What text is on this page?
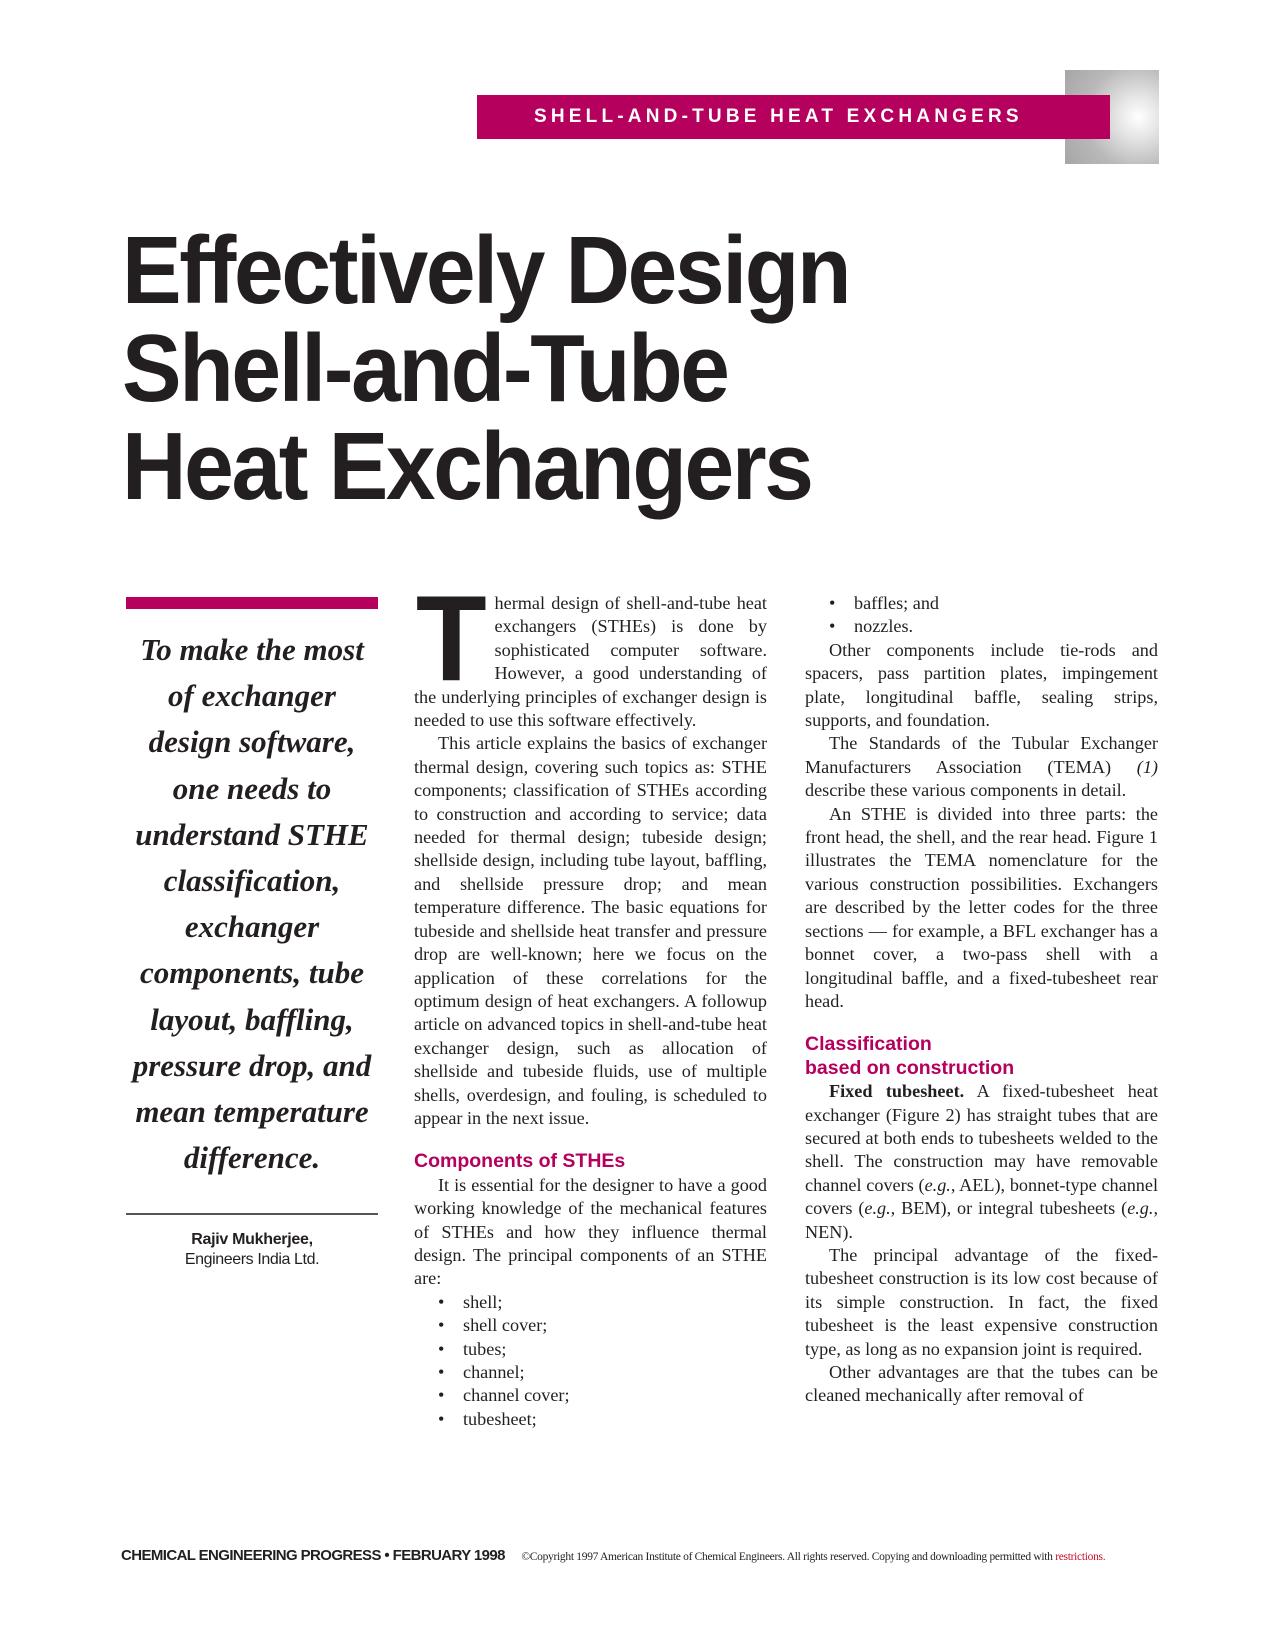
SHELL-AND-TUBE HEAT EXCHANGERS
Effectively Design
Shell-and-Tube
Heat Exchangers

To make the most
of exchanger
design software,
one needs to
understand STHE
classification,
exchanger
components, tube
layout, baffling,
pressure drop, and
mean temperature
difference.

Rajiv Mukherjee,
Engineers India Ltd.

Thermal design of shell-and-tube heat exchangers (STHEs) is done by sophisticated computer software. However, a good understanding of the underlying principles of exchanger design is needed to use this software effectively.

This article explains the basics of exchanger thermal design, covering such topics as: STHE components; classification of STHEs according to construction and according to service; data needed for thermal design; tubeside design; shellside design, including tube layout, baffling, and shellside pressure drop; and mean temperature difference. The basic equations for tubeside and shellside heat transfer and pressure drop are well-known; here we focus on the application of these correlations for the optimum design of heat exchangers. A followup article on advanced topics in shell-and-tube heat exchanger design, such as allocation of shellside and tubeside fluids, use of multiple shells, overdesign, and fouling, is scheduled to appear in the next issue.

Components of STHEs

It is essential for the designer to have a good working knowledge of the mechanical features of STHEs and how they influence thermal design. The principal components of an STHE are:

• shell;
• shell cover;
• tubes;
• channel;
• channel cover;
• tubesheet;
• baffles; and
• nozzles.

Other components include tie-rods and spacers, pass partition plates, impingement plate, longitudinal baffle, sealing strips, supports, and foundation.

The Standards of the Tubular Exchanger Manufacturers Association (TEMA) (1) describe these various components in detail.

An STHE is divided into three parts: the front head, the shell, and the rear head. Figure 1 illustrates the TEMA nomenclature for the various construction possibilities. Exchangers are described by the letter codes for the three sections — for example, a BFL exchanger has a bonnet cover, a two-pass shell with a longitudinal baffle, and a fixed-tubesheet rear head.

Classification
based on construction

Fixed tubesheet. A fixed-tubesheet heat exchanger (Figure 2) has straight tubes that are secured at both ends to tubesheets welded to the shell. The construction may have removable channel covers (e.g., AEL), bonnet-type channel covers (e.g., BEM), or integral tubesheets (e.g., NEN).

The principal advantage of the fixed-tubesheet construction is its low cost because of its simple construction. In fact, the fixed tubesheet is the least expensive construction type, as long as no expansion joint is required.

Other advantages are that the tubes can be cleaned mechanically after removal of

CHEMICAL ENGINEERING PROGRESS • FEBRUARY 1998 ©Copyright 1997 American Institute of Chemical Engineers. All rights reserved. Copying and downloading permitted with restrictions.
